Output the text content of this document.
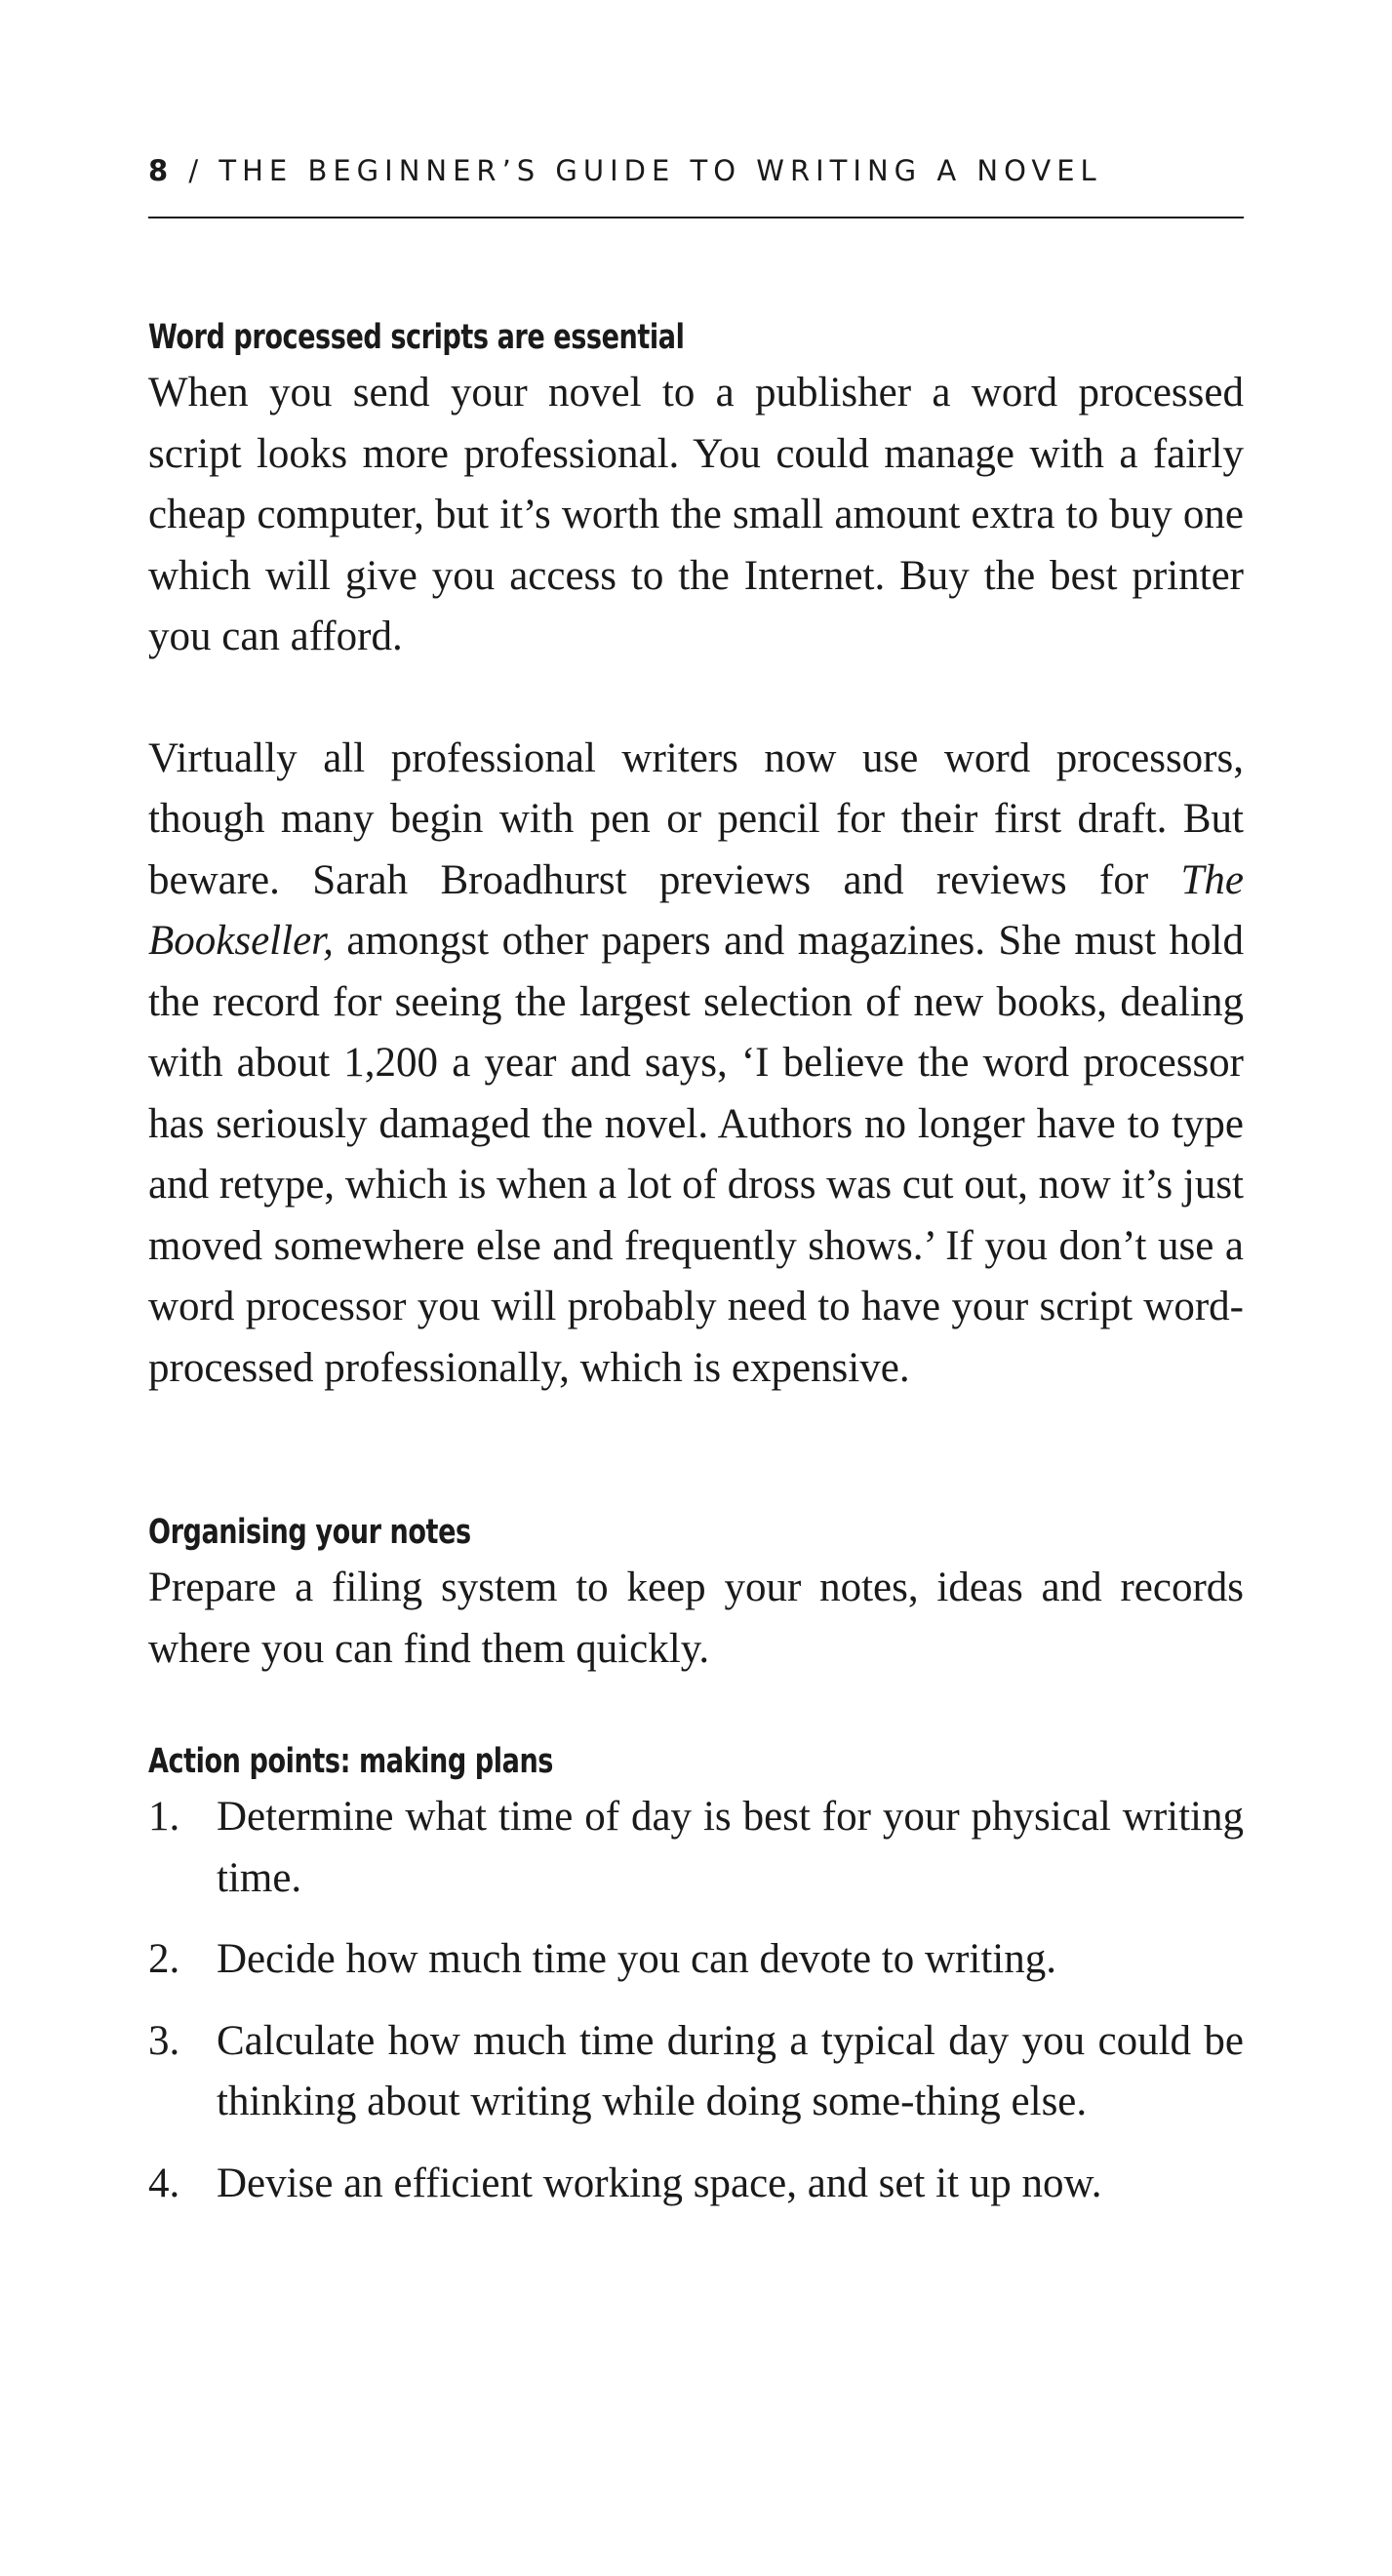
8 / THE BEGINNER’S GUIDE TO WRITING A NOVEL
Word processed scripts are essential

When you send your novel to a publisher a word processed script looks more professional. You could manage with a fairly cheap computer, but it’s worth the small amount extra to buy one which will give you access to the Internet. Buy the best printer you can afford.

Virtually all professional writers now use word processors, though many begin with pen or pencil for their first draft. But beware. Sarah Broadhurst previews and reviews for The Bookseller, amongst other papers and magazines. She must hold the record for seeing the largest selection of new books, dealing with about 1,200 a year and says, ‘I believe the word processor has seriously damaged the novel. Authors no longer have to type and retype, which is when a lot of dross was cut out, now it’s just moved somewhere else and frequently shows.’ If you don’t use a word processor you will probably need to have your script word-processed professionally, which is expensive.

Organising your notes

Prepare a filing system to keep your notes, ideas and records where you can find them quickly.

Action points: making plans
1. Determine what time of day is best for your physical writing time.
2. Decide how much time you can devote to writing.
3. Calculate how much time during a typical day you could be thinking about writing while doing some-thing else.
4. Devise an efficient working space, and set it up now.
